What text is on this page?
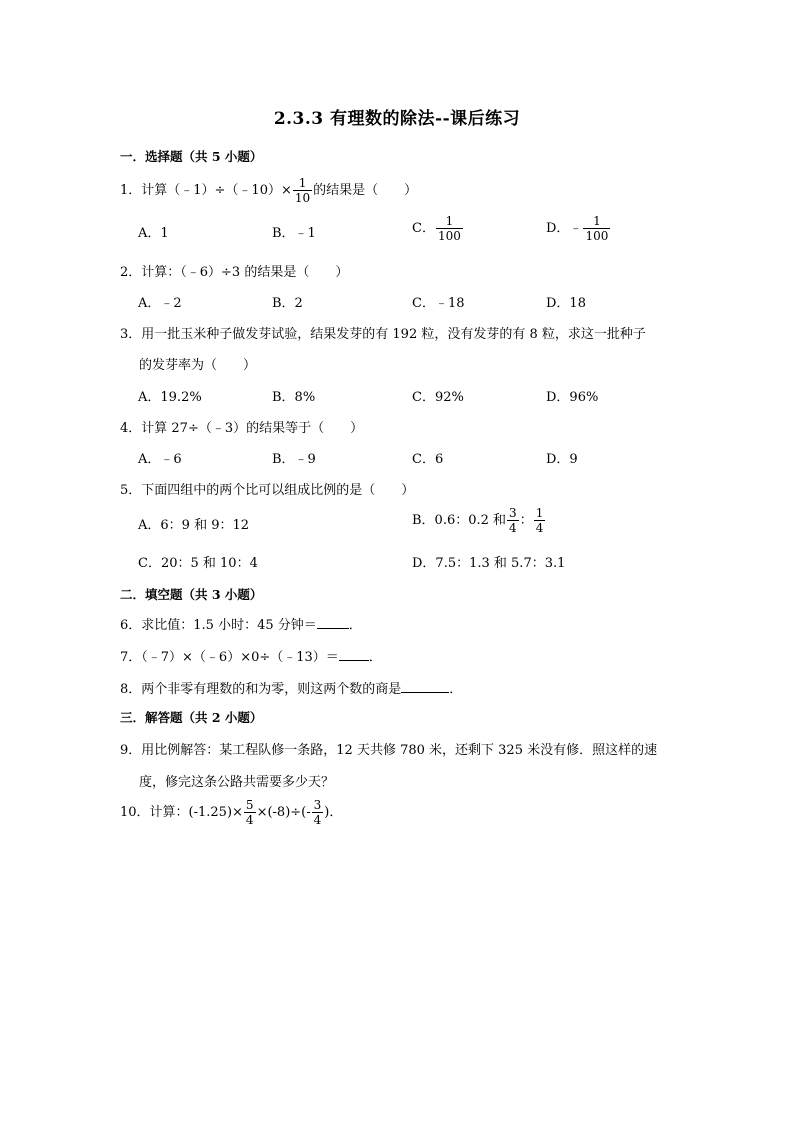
2.3.3 有理数的除法--课后练习
一．选择题（共 5 小题）
1．计算（﹣1）÷（﹣10）× $\frac{1}{10}$ 的结果是（　　）
A．1	B．﹣1	C． $\frac{1}{100}$	D．﹣ $\frac{1}{100}$
2．计算：（﹣6）÷3 的结果是（　　）
A．﹣2	B．2	C．﹣18	D．18
3．用一批玉米种子做发芽试验，结果发芽的有 192 粒，没有发芽的有 8 粒，求这一批种子
的发芽率为（　　）
A．19.2%	B．8%	C．92%	D．96%
4．计算 27÷（﹣3）的结果等于（　　）
A．﹣6	B．﹣9	C．6	D．9
5．下面四组中的两个比可以组成比例的是（　　）
A．6：9 和 9：12	B．0.6：0.2 和 $\frac{3}{4}$ ： $\frac{1}{4}$
C．20：5 和 10：4	D．7.5：1.3 和 5.7：3.1
二．填空题（共 3 小题）
6．求比值：1.5 小时：45 分钟＝ ．
7．（﹣7）×（﹣6）×0÷（﹣13）＝ ．
8．两个非零有理数的和为零，则这两个数的商是	．
三．解答题（共 2 小题）
9．用比例解答：某工程队修一条路，12 天共修 780 米，还剩下 325 米没有修．照这样的速
度，修完这条公路共需要多少天？
10．计算：$(-1.25)\times \frac{5}{4} \times(-8)\div(- \frac{3}{4}$ )．
